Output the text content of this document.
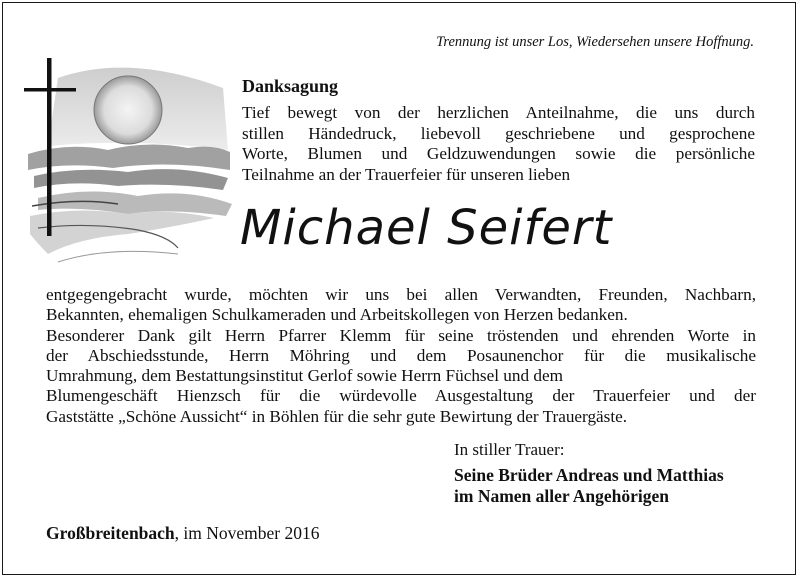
Trennung ist unser Los, Wiedersehen unsere Hoffnung.
Danksagung
Tief bewegt von der herzlichen Anteilnahme, die uns durch
stillen Händedruck, liebevoll geschriebene und gesprochene
Worte, Blumen und Geldzuwendungen sowie die persönliche
Teilnahme an der Trauerfeier für unseren lieben
Michael Seifert
entgegengebracht wurde, möchten wir uns bei allen Verwandten, Freunden, Nachbarn,
Bekannten, ehemaligen Schulkameraden und Arbeitskollegen von Herzen bedanken.
Besonderer Dank gilt Herrn Pfarrer Klemm für seine tröstenden und ehrenden Worte in
der Abschiedsstunde, Herrn Möhring und dem Posaunenchor für die musikalische
Umrahmung, dem Bestattungsinstitut Gerlof sowie Herrn Füchsel und dem
Blumengeschäft Hienzsch für die würdevolle Ausgestaltung der Trauerfeier und der
Gaststätte „Schöne Aussicht“ in Böhlen für die sehr gute Bewirtung der Trauergäste.
In stiller Trauer:
Seine Brüder Andreas und Matthias
im Namen aller Angehörigen
Großbreitenbach, im November 2016
